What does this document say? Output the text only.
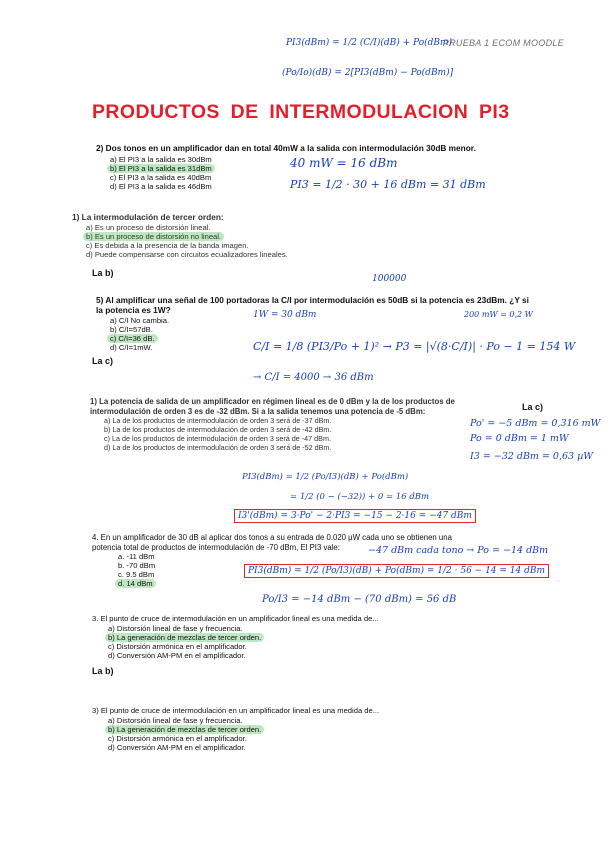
PRUEBA 1 ECOM MOODLE
PI3(dBm) = 1/2 (C/I)(dB) + Po(dBm)
(Po/Io)(dB) = 2[PI3(dBm) − Po(dBm)]
PRODUCTOS DE INTERMODULACION PI3
2) Dos tonos en un amplificador dan en total 40mW a la salida con intermodulación 30dB menor.
a) El PI3 a la salida es 30dBm
b) El PI3 a la salida es 31dBm
c) El PI3 a la salida es 40dBm
d) El PI3 a la salida es 46dBm
40 mW = 16 dBm
PI3 = 1/2 · 30 + 16 dBm = 31 dBm
1) La intermodulación de tercer orden:
a) Es un proceso de distorsión lineal.
b) Es un proceso de distorsión no lineal.
c) Es debida a la presencia de la banda imagen.
d) Puede compensarse con circuitos ecualizadores lineales.
La b)
100000
5) Al amplificar una señal de 100 portadoras la C/I por intermodulación es 50dB si la potencia es 23dBm. ¿Y si la potencia es 1W?
a) C/I No cambia.
b) C/I=57dB.
c) C/I=36 dB.
d) C/I=1mW.
1W = 30 dBm	200 mW = 0,2 W
C/I = 1/8 (PI3/Po + 1)² → P3 = |√(8·C/I)| · Po − 1 = 154 W
La c)
→ C/I = 4000 → 36 dBm
1) La potencia de salida de un amplificador en régimen lineal es de 0 dBm y la de los productos de intermodulación de orden 3 es de -32 dBm. Si a la salida tenemos una potencia de -5 dBm:
a) La de los productos de intermodulación de orden 3 será de -37 dBm.
b) La de los productos de intermodulación de orden 3 será de -42 dBm.
c) La de los productos de intermodulación de orden 3 será de -47 dBm.
d) La de los productos de intermodulación de orden 3 será de -52 dBm.
La c)
Po' = −5 dBm = 0,316 mW
Po = 0 dBm = 1 mW
I3 = −32 dBm = 0,63 µW
PI3(dBm) = 1/2 (Po/I3)(dB) + Po(dBm)
= 1/2 (0 − (−32)) + 0 = 16 dBm
I3'(dBm) = 3·Po' − 2·PI3 = −15 − 2·16 = −47 dBm
4. En un amplificador de 30 dB al aplicar dos tonos a su entrada de 0.020 µW cada uno se obtienen una potencia total de productos de intermodulación de -70 dBm, El PI3 vale:
a. -11 dBm
b. -70 dBm
c. 9.5 dBm
d. 14 dBm
−47 dBm cada tono → Po = −14 dBm
PI3(dBm) = 1/2 (Po/I3)(dB) + Po(dBm) = 1/2 · 56 − 14 = 14 dBm
Po/I3 = −14 dBm − (70 dBm) = 56 dB
3. El punto de cruce de intermodulación en un amplificador lineal es una medida de...
a) Distorsión lineal de fase y frecuencia.
b) La generación de mezclas de tercer orden.
c) Distorsión armónica en el amplificador.
d) Conversión AM-PM en el amplificador.
La b)
3) El punto de cruce de intermodulación en un amplificador lineal es una medida de...
a) Distorsión lineal de fase y frecuencia.
b) La generación de mezclas de tercer orden.
c) Distorsión armónica en el amplificador.
d) Conversión AM-PM en el amplificador.
